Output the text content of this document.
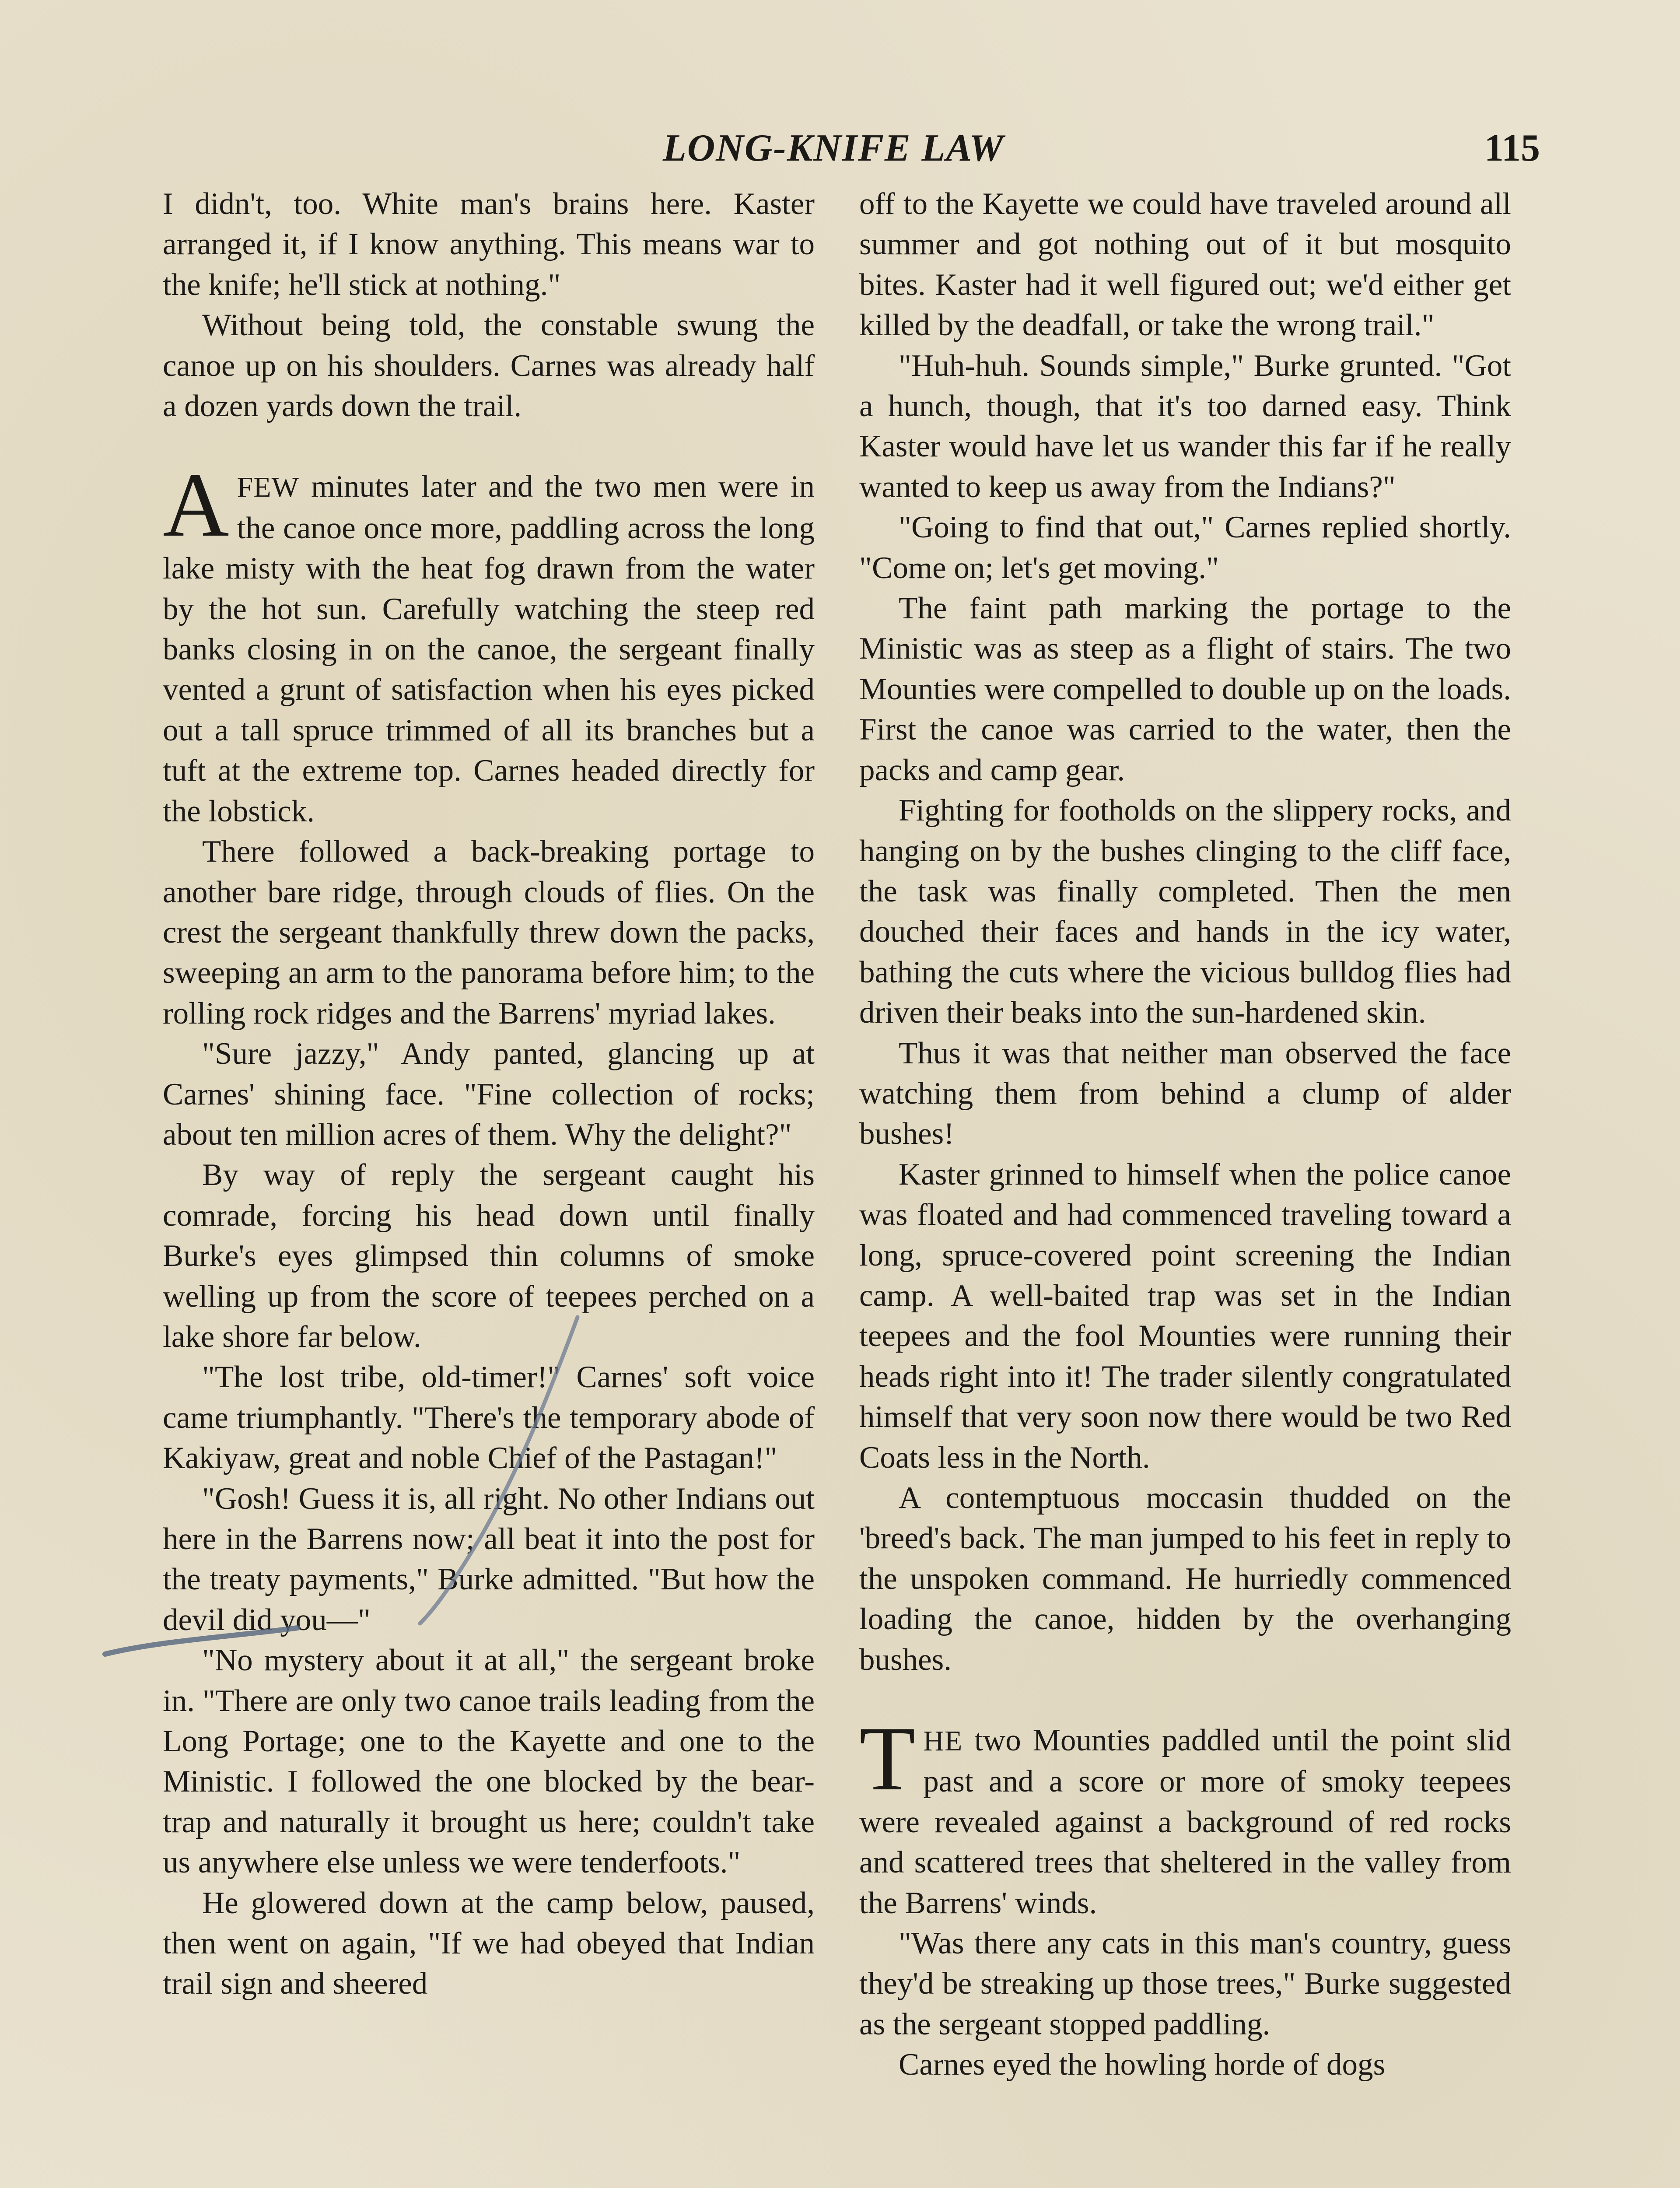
LONG-KNIFE LAW	115

I didn't, too. White man's brains here. Kaster arranged it, if I know anything. This means war to the knife; he'll stick at nothing."

Without being told, the constable swung the canoe up on his shoulders. Carnes was already half a dozen yards down the trail.

AFEW minutes later and the two men were in the canoe once more, paddling across the long lake misty with the heat fog drawn from the water by the hot sun. Carefully watching the steep red banks closing in on the canoe, the sergeant finally vented a grunt of satisfaction when his eyes picked out a tall spruce trimmed of all its branches but a tuft at the extreme top. Carnes headed directly for the lobstick.

There followed a back-breaking portage to another bare ridge, through clouds of flies. On the crest the sergeant thankfully threw down the packs, sweeping an arm to the panorama before him; to the rolling rock ridges and the Barrens' myriad lakes.

"Sure jazzy," Andy panted, glancing up at Carnes' shining face. "Fine collection of rocks; about ten million acres of them. Why the delight?"

By way of reply the sergeant caught his comrade, forcing his head down until finally Burke's eyes glimpsed thin columns of smoke welling up from the score of teepees perched on a lake shore far below.

"The lost tribe, old-timer!" Carnes' soft voice came triumphantly. "There's the temporary abode of Kakiyaw, great and noble Chief of the Pastagan!"

"Gosh! Guess it is, all right. No other Indians out here in the Barrens now; all beat it into the post for the treaty payments," Burke admitted. "But how the devil did you—"

"No mystery about it at all," the sergeant broke in. "There are only two canoe trails leading from the Long Portage; one to the Kayette and one to the Ministic. I followed the one blocked by the bear-trap and naturally it brought us here; couldn't take us anywhere else unless we were tenderfoots."

He glowered down at the camp below, paused, then went on again, "If we had obeyed that Indian trail sign and sheered

off to the Kayette we could have traveled around all summer and got nothing out of it but mosquito bites. Kaster had it well figured out; we'd either get killed by the deadfall, or take the wrong trail."

"Huh-huh. Sounds simple," Burke grunted. "Got a hunch, though, that it's too darned easy. Think Kaster would have let us wander this far if he really wanted to keep us away from the Indians?"

"Going to find that out," Carnes replied shortly. "Come on; let's get moving."

The faint path marking the portage to the Ministic was as steep as a flight of stairs. The two Mounties were compelled to double up on the loads. First the canoe was carried to the water, then the packs and camp gear.

Fighting for footholds on the slippery rocks, and hanging on by the bushes clinging to the cliff face, the task was finally completed. Then the men douched their faces and hands in the icy water, bathing the cuts where the vicious bulldog flies had driven their beaks into the sun-hardened skin.

Thus it was that neither man observed the face watching them from behind a clump of alder bushes!

Kaster grinned to himself when the police canoe was floated and had commenced traveling toward a long, spruce-covered point screening the Indian camp. A well-baited trap was set in the Indian teepees and the fool Mounties were running their heads right into it! The trader silently congratulated himself that very soon now there would be two Red Coats less in the North.

A contemptuous moccasin thudded on the 'breed's back. The man jumped to his feet in reply to the unspoken command. He hurriedly commenced loading the canoe, hidden by the overhanging bushes.

THE two Mounties paddled until the point slid past and a score or more of smoky teepees were revealed against a background of red rocks and scattered trees that sheltered in the valley from the Barrens' winds.

"Was there any cats in this man's country, guess they'd be streaking up those trees," Burke suggested as the sergeant stopped paddling.

Carnes eyed the howling horde of dogs
